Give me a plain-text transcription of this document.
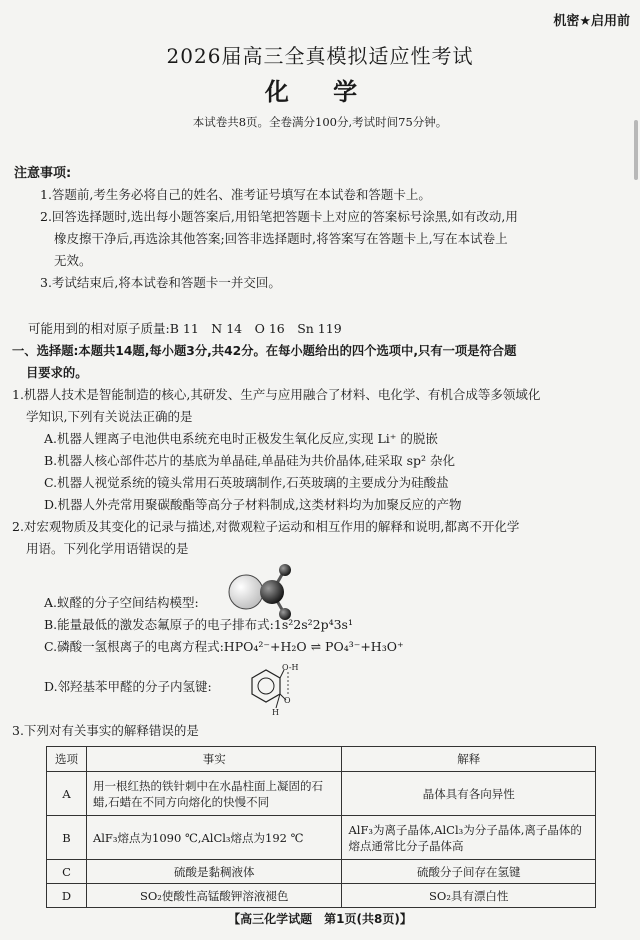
机密★启用前
2026届高三全真模拟适应性考试
化 学
本试卷共8页。全卷满分100分,考试时间75分钟。
注意事项:
1.答题前,考生务必将自己的姓名、准考证号填写在本试卷和答题卡上。
2.回答选择题时,选出每小题答案后,用铅笔把答题卡上对应的答案标号涂黑,如有改动,用
橡皮擦干净后,再选涂其他答案;回答非选择题时,将答案写在答题卡上,写在本试卷上
无效。
3.考试结束后,将本试卷和答题卡一并交回。
可能用到的相对原子质量:B 11　N 14　O 16　Sn 119
一、选择题:本题共14题,每小题3分,共42分。在每小题给出的四个选项中,只有一项是符合题
目要求的。
1.机器人技术是智能制造的核心,其研发、生产与应用融合了材料、电化学、有机合成等多领域化
学知识,下列有关说法正确的是
A.机器人锂离子电池供电系统充电时正极发生氧化反应,实现 Li⁺ 的脱嵌
B.机器人核心部件芯片的基底为单晶硅,单晶硅为共价晶体,硅采取 sp² 杂化
C.机器人视觉系统的镜头常用石英玻璃制作,石英玻璃的主要成分为硅酸盐
D.机器人外壳常用聚碳酸酯等高分子材料制成,这类材料均为加聚反应的产物
2.对宏观物质及其变化的记录与描述,对微观粒子运动和相互作用的解释和说明,都离不开化学
用语。下列化学用语错误的是
A.蚁醛的分子空间结构模型:
B.能量最低的激发态氟原子的电子排布式:1s²2s²2p⁴3s¹
C.磷酸一氢根离子的电离方程式:HPO₄²⁻+H₂O ⇌ PO₄³⁻+H₃O⁺
D.邻羟基苯甲醛的分子内氢键:
O-H
O
H
3.下列对有关事实的解释错误的是
选项	事实	解释
A	用一根红热的铁针刺中在水晶柱面上凝固的石蜡,石蜡在不同方向熔化的快慢不同	晶体具有各向异性
B	AlF₃熔点为1090 ℃,AlCl₃熔点为192 ℃	AlF₃为离子晶体,AlCl₃为分子晶体,离子晶体的熔点通常比分子晶体高
C	硫酸是黏稠液体	硫酸分子间存在氢键
D	SO₂使酸性高锰酸钾溶液褪色	SO₂具有漂白性
【高三化学试题　第1页(共8页)】
